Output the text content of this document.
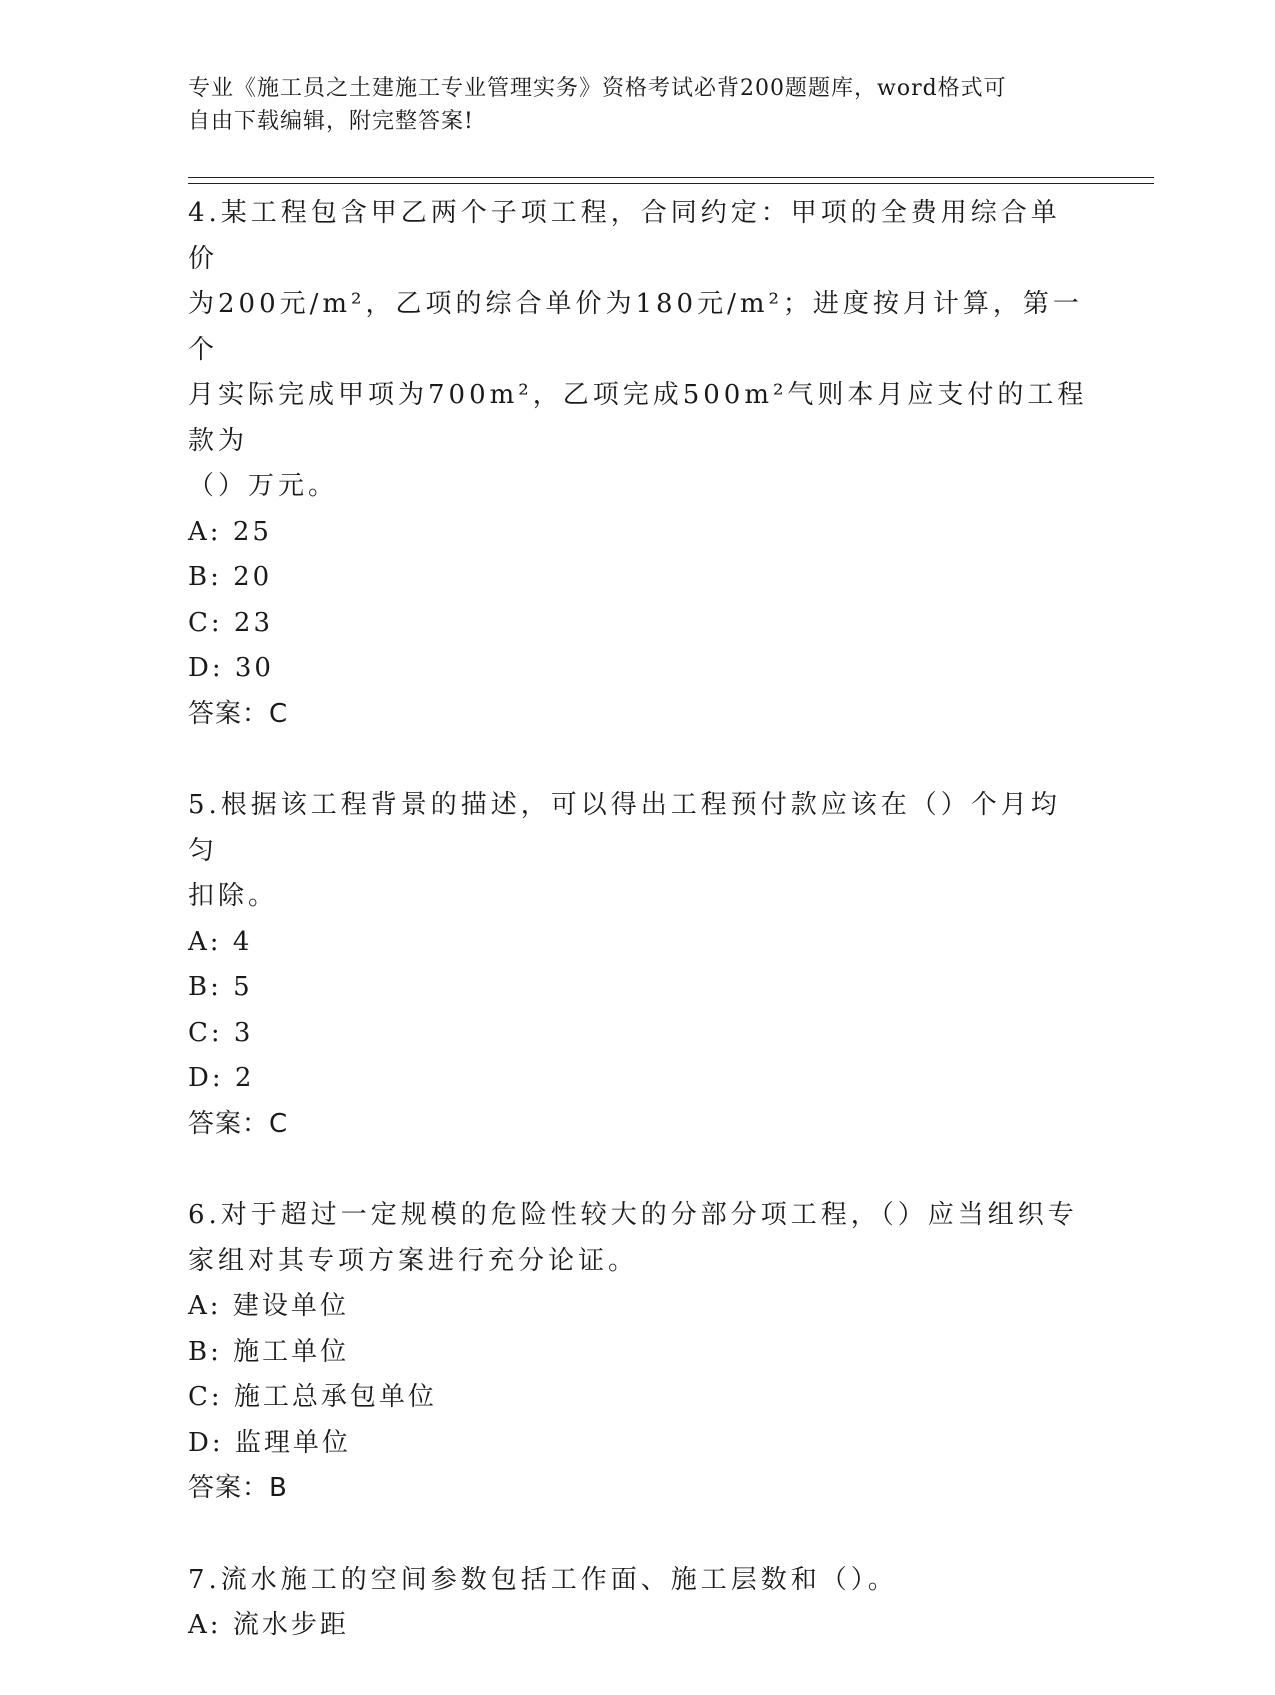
专业《施工员之土建施工专业管理实务》资格考试必背200题题库，word格式可
自由下载编辑，附完整答案!

4.某工程包含甲乙两个子项工程，合同约定：甲项的全费用综合单价

为200元/m²，乙项的综合单价为180元/m²；进度按月计算，第一个

月实际完成甲项为700m²，乙项完成500m²气则本月应支付的工程款为

（）万元。

A: 25

B: 20

C: 23

D: 30

答案：C

5.根据该工程背景的描述，可以得出工程预付款应该在（）个月均匀

扣除。

A: 4

B: 5

C: 3

D: 2

答案：C

6.对于超过一定规模的危险性较大的分部分项工程，（）应当组织专

家组对其专项方案进行充分论证。

A: 建设单位

B: 施工单位

C: 施工总承包单位

D: 监理单位

答案：B

7.流水施工的空间参数包括工作面、施工层数和（）。

A: 流水步距
